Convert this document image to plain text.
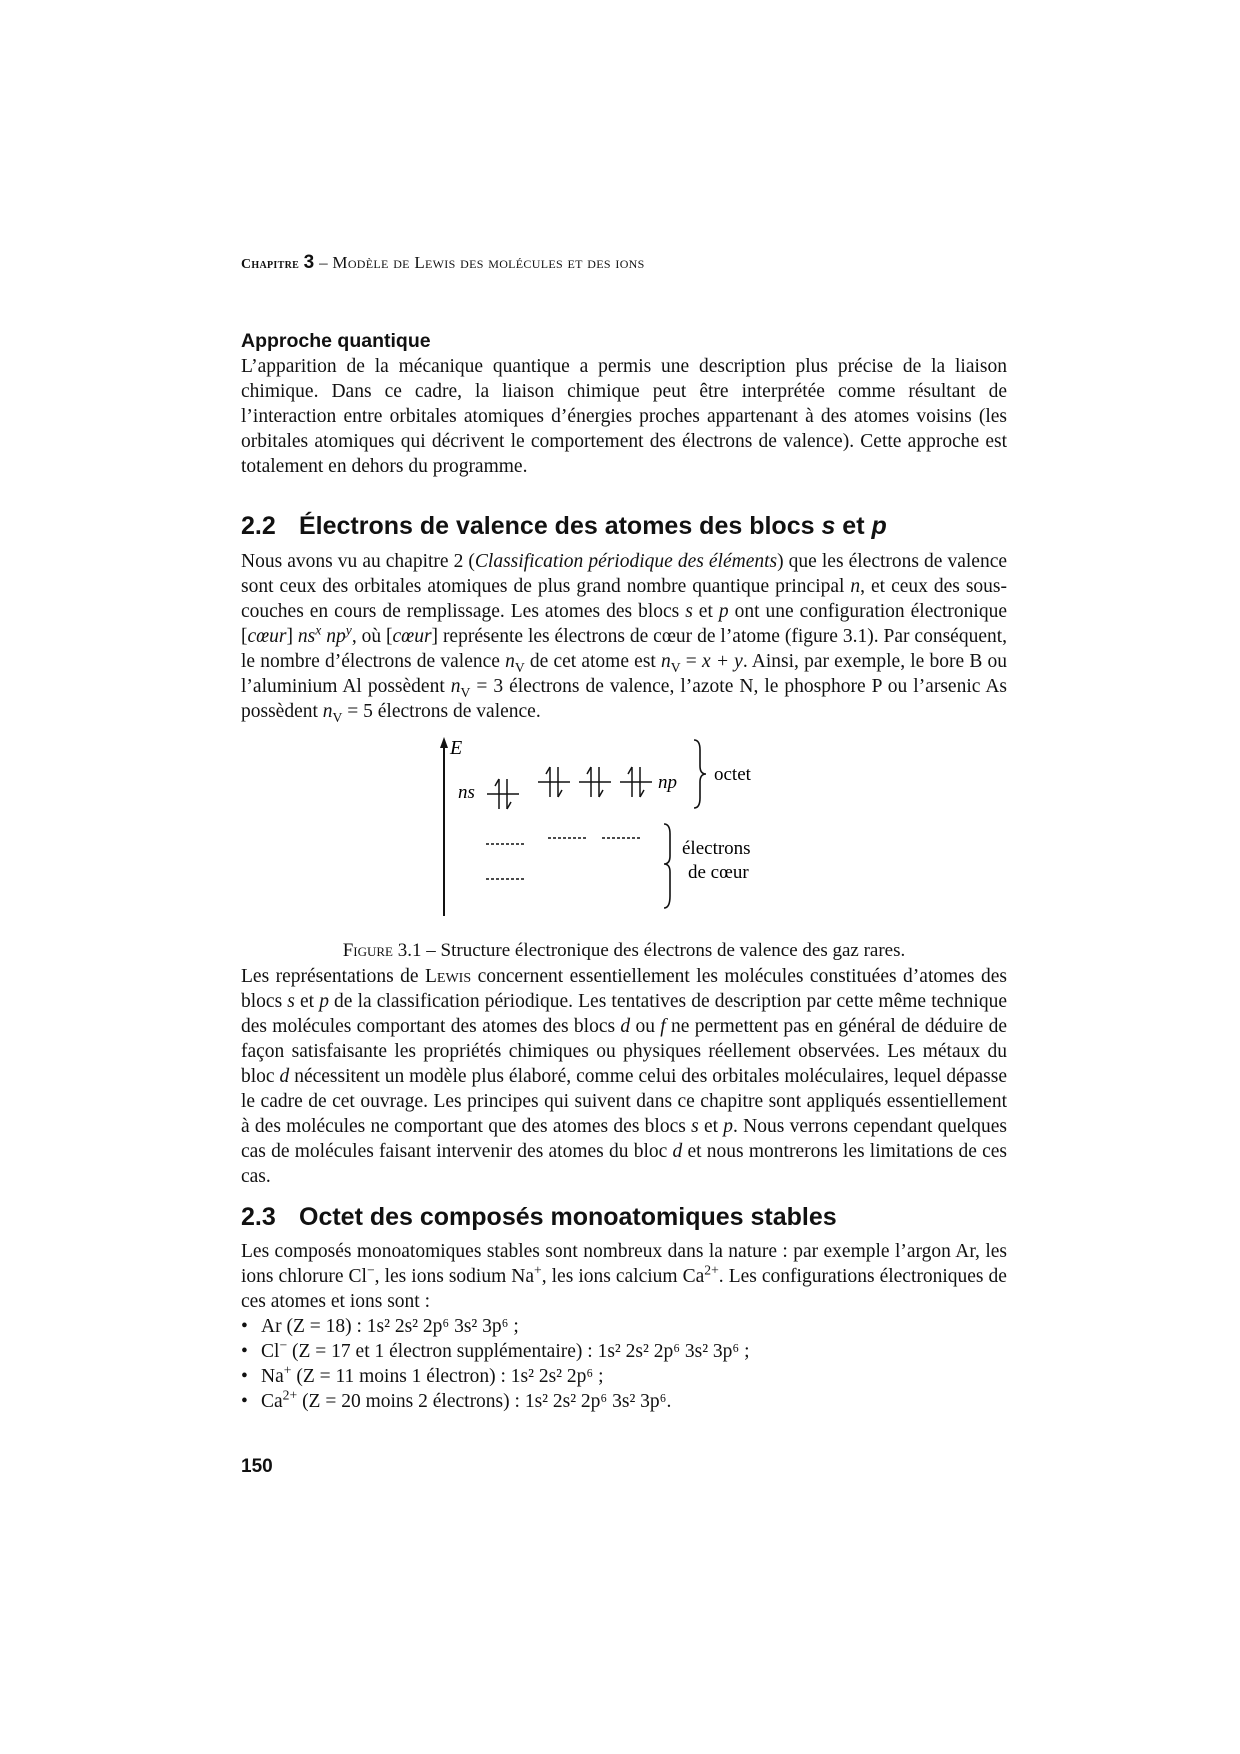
Chapitre 3 – Modèle de Lewis des molécules et des ions
Approche quantique

L’apparition de la mécanique quantique a permis une description plus précise de la liaison chimique. Dans ce cadre, la liaison chimique peut être interprétée comme résultant de l’interaction entre orbitales atomiques d’énergies proches appartenant à des atomes voisins (les orbitales atomiques qui décrivent le comportement des électrons de valence). Cette approche est totalement en dehors du programme.

2.2 Électrons de valence des atomes des blocs s et p

Nous avons vu au chapitre 2 (Classification périodique des éléments) que les électrons de valence sont ceux des orbitales atomiques de plus grand nombre quantique principal n, et ceux des sous-couches en cours de remplissage. Les atomes des blocs s et p ont une configuration électronique [cœur] $ns^x$ $np^y$, où [cœur] représente les électrons de cœur de l’atome (figure 3.1). Par conséquent, le nombre d’électrons de valence $n_V$ de cet atome est $n_V = x + y$. Ainsi, par exemple, le bore B ou l’aluminium Al possèdent $n_V = 3$ électrons de valence, l’azote N, le phosphore P ou l’arsenic As possèdent $n_V = 5$ électrons de valence.

E
ns	np octet
électrons
de cœur
Figure 3.1 – Structure électronique des électrons de valence des gaz rares.

Les représentations de Lewis concernent essentiellement les molécules constituées d’atomes des blocs s et p de la classification périodique. Les tentatives de description par cette même technique des molécules comportant des atomes des blocs d ou f ne permettent pas en général de déduire de façon satisfaisante les propriétés chimiques ou physiques réellement observées. Les métaux du bloc d nécessitent un modèle plus élaboré, comme celui des orbitales moléculaires, lequel dépasse le cadre de cet ouvrage. Les principes qui suivent dans ce chapitre sont appliqués essentiellement à des molécules ne comportant que des atomes des blocs s et p. Nous verrons cependant quelques cas de molécules faisant intervenir des atomes du bloc d et nous montrerons les limitations de ces cas.

2.3 Octet des composés monoatomiques stables

Les composés monoatomiques stables sont nombreux dans la nature : par exemple l’argon Ar, les ions chlorure Cl−, les ions sodium Na+, les ions calcium $Ca^{2+}$. Les configurations électroniques de ces atomes et ions sont :

• Ar (Z = 18) : 1s² 2s² 2p⁶ 3s² 3p⁶ ;
• Cl− (Z = 17 et 1 électron supplémentaire) : 1s² 2s² 2p⁶ 3s² 3p⁶ ;
• Na+ (Z = 11 moins 1 électron) : 1s² 2s² 2p⁶ ;
• $Ca^{2+}$ (Z = 20 moins 2 électrons) : 1s² 2s² 2p⁶ 3s² 3p⁶.
150
